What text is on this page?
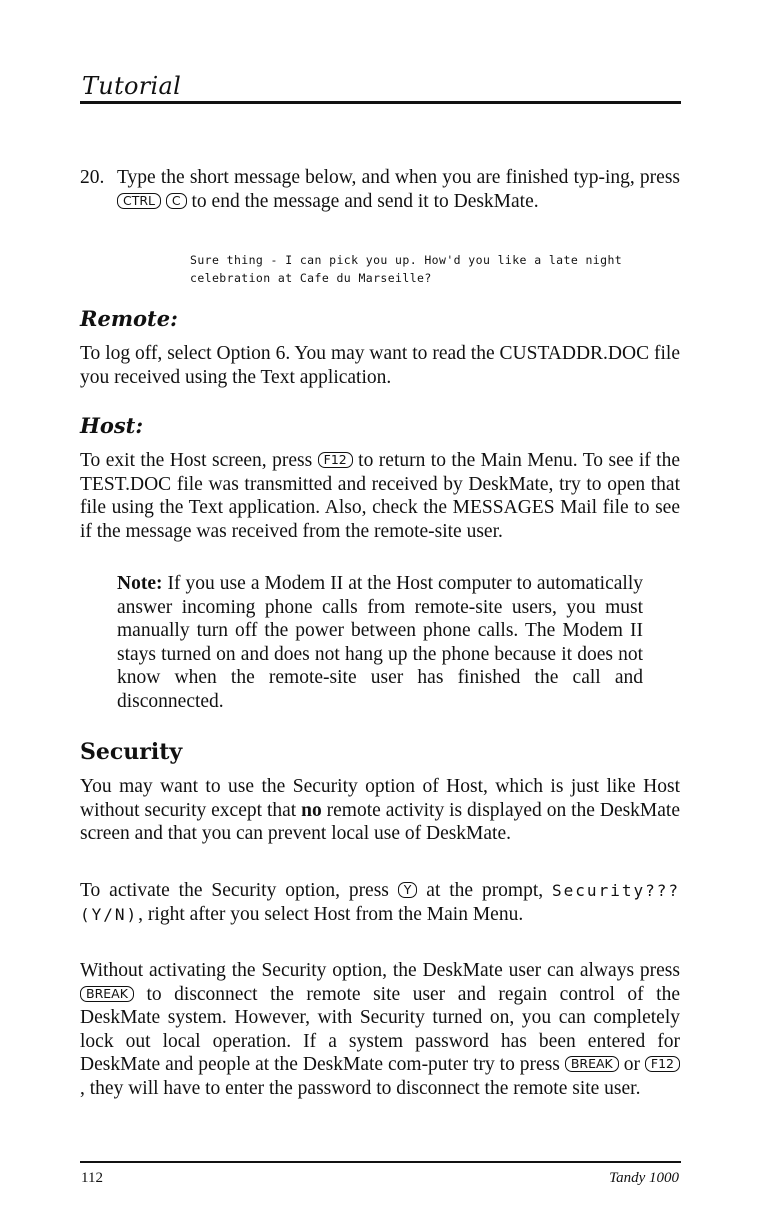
Tutorial
20. Type the short message below, and when you are finished typ-ing, press CTRL C to end the message and send it to DeskMate.
Sure thing - I can pick you up. How'd you like a late night
celebration at Cafe du Marseille?
Remote:
To log off, select Option 6. You may want to read the CUSTADDR.DOC file you received using the Text application.
Host:
To exit the Host screen, press F12 to return to the Main Menu. To see if the TEST.DOC file was transmitted and received by DeskMate, try to open that file using the Text application. Also, check the MESSAGES Mail file to see if the message was received from the remote-site user.
Note: If you use a Modem II at the Host computer to automatically answer incoming phone calls from remote-site users, you must manually turn off the power between phone calls. The Modem II stays turned on and does not hang up the phone because it does not know when the remote-site user has finished the call and disconnected.
Security
You may want to use the Security option of Host, which is just like Host without security except that no remote activity is displayed on the DeskMate screen and that you can prevent local use of DeskMate.
To activate the Security option, press Y at the prompt, Security??? (Y/N), right after you select Host from the Main Menu.
Without activating the Security option, the DeskMate user can always press BREAK to disconnect the remote site user and regain control of the DeskMate system. However, with Security turned on, you can completely lock out local operation. If a system password has been entered for DeskMate and people at the DeskMate com-puter try to press BREAK or F12, they will have to enter the password to disconnect the remote site user.
112	Tandy 1000
